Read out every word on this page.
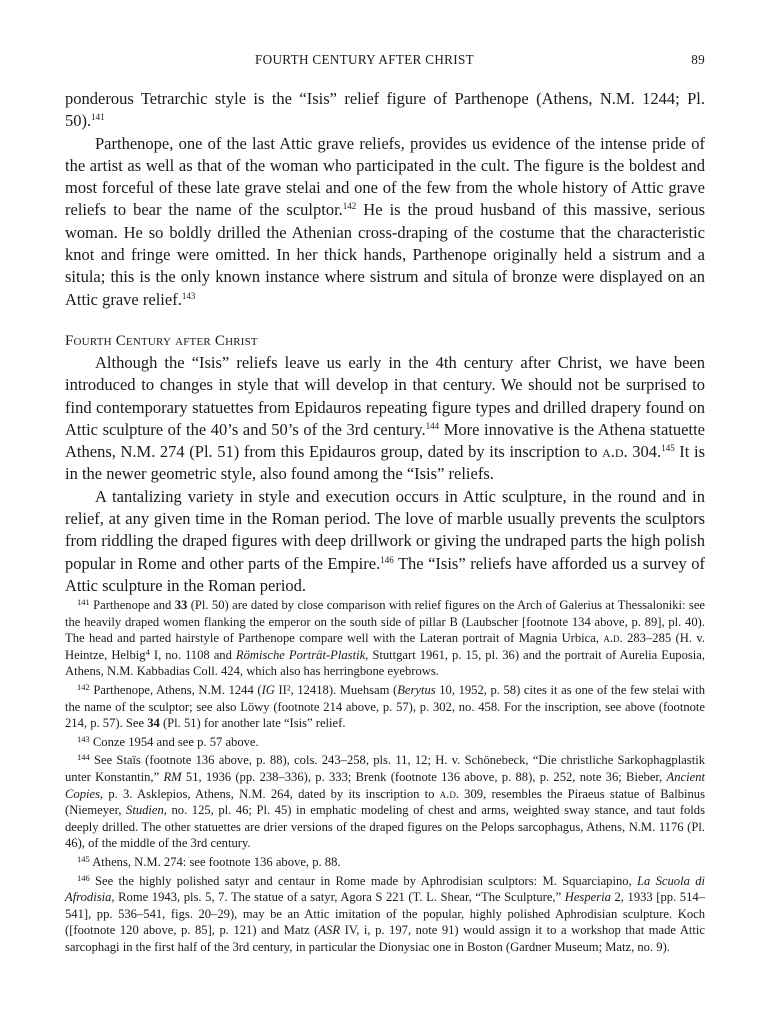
FOURTH CENTURY AFTER CHRIST	89

ponderous Tetrarchic style is the “Isis” relief figure of Parthenope (Athens, N.M. 1244; Pl. 50).$^{141}$

Parthenope, one of the last Attic grave reliefs, provides us evidence of the intense pride of the artist as well as that of the woman who participated in the cult. The figure is the boldest and most forceful of these late grave stelai and one of the few from the whole history of Attic grave reliefs to bear the name of the sculptor.$^{142}$ He is the proud husband of this massive, serious woman. He so boldly drilled the Athenian cross-draping of the costume that the characteristic knot and fringe were omitted. In her thick hands, Parthenope originally held a sistrum and a situla; this is the only known instance where sistrum and situla of bronze were displayed on an Attic grave relief.$^{143}$

Fourth Century after Christ

Although the “Isis” reliefs leave us early in the 4th century after Christ, we have been introduced to changes in style that will develop in that century. We should not be surprised to find contemporary statuettes from Epidauros repeating figure types and drilled drapery found on Attic sculpture of the 40’s and 50’s of the 3rd century.$^{144}$ More innovative is the Athena statuette Athens, N.M. 274 (Pl. 51) from this Epidauros group, dated by its inscription to a.d. 304.$^{145}$ It is in the newer geometric style, also found among the “Isis” reliefs.

A tantalizing variety in style and execution occurs in Attic sculpture, in the round and in relief, at any given time in the Roman period. The love of marble usually prevents the sculptors from riddling the draped figures with deep drillwork or giving the undraped parts the high polish popular in Rome and other parts of the Empire.$^{146}$ The “Isis” reliefs have afforded us a survey of Attic sculpture in the Roman period.

$^{141}$ Parthenope and 33 (Pl. 50) are dated by close comparison with relief figures on the Arch of Galerius at Thessaloniki: see the heavily draped women flanking the emperor on the south side of pillar B (Laubscher [footnote 134 above, p. 89], pl. 40). The head and parted hairstyle of Parthenope compare well with the Lateran portrait of Magnia Urbica, a.d. 283–285 (H. v. Heintze, Helbig$^4$ I, no. 1108 and Römische Porträt-Plastik, Stuttgart 1961, p. 15, pl. 36) and the portrait of Aurelia Euposia, Athens, N.M. Kabbadias Coll. 424, which also has herringbone eyebrows.

$^{142}$ Parthenope, Athens, N.M. 1244 (IG II², 12418). Muehsam (Berytus 10, 1952, p. 58) cites it as one of the few stelai with the name of the sculptor; see also Löwy (footnote 214 above, p. 57), p. 302, no. 458. For the inscription, see above (footnote 214, p. 57). See 34 (Pl. 51) for another late “Isis” relief.

$^{143}$ Conze 1954 and see p. 57 above.

$^{144}$ See Staïs (footnote 136 above, p. 88), cols. 243–258, pls. 11, 12; H. v. Schönebeck, “Die christliche Sarkophagplastik unter Konstantin,” RM 51, 1936 (pp. 238–336), p. 333; Brenk (footnote 136 above, p. 88), p. 252, note 36; Bieber, Ancient Copies, p. 3. Asklepios, Athens, N.M. 264, dated by its inscription to a.d. 309, resembles the Piraeus statue of Balbinus (Niemeyer, Studien, no. 125, pl. 46; Pl. 45) in emphatic modeling of chest and arms, weighted sway stance, and taut folds deeply drilled. The other statuettes are drier versions of the draped figures on the Pelops sarcophagus, Athens, N.M. 1176 (Pl. 46), of the middle of the 3rd century.

$^{145}$ Athens, N.M. 274: see footnote 136 above, p. 88.

$^{146}$ See the highly polished satyr and centaur in Rome made by Aphrodisian sculptors: M. Squarciapino, La Scuola di Afrodisia, Rome 1943, pls. 5, 7. The statue of a satyr, Agora S 221 (T. L. Shear, “The Sculpture,” Hesperia 2, 1933 [pp. 514–541], pp. 536–541, figs. 20–29), may be an Attic imitation of the popular, highly polished Aphrodisian sculpture. Koch ([footnote 120 above, p. 85], p. 121) and Matz (ASR IV, i, p. 197, note 91) would assign it to a workshop that made Attic sarcophagi in the first half of the 3rd century, in particular the Dionysiac one in Boston (Gardner Museum; Matz, no. 9).
